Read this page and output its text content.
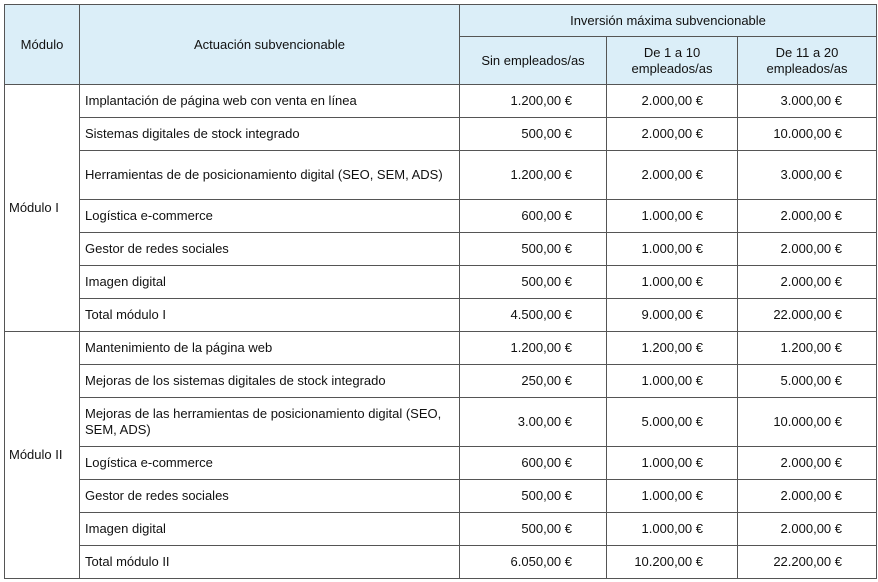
Módulo	Actuación subvencionable	Inversión máxima subvencionable		
		Sin empleados/as	De 1 a 10 empleados/as	De 11 a 20 empleados/as
Módulo I	Implantación de página web con venta en línea	1.200,00 €	2.000,00 €	3.000,00 €
	Sistemas digitales de stock integrado	500,00 €	2.000,00 €	10.000,00 €
	Herramientas de de posicionamiento digital (SEO, SEM, ADS)	1.200,00 €	2.000,00 €	3.000,00 €
	Logística e-commerce	600,00 €	1.000,00 €	2.000,00 €
	Gestor de redes sociales	500,00 €	1.000,00 €	2.000,00 €
	Imagen digital	500,00 €	1.000,00 €	2.000,00 €
	Total módulo I	4.500,00 €	9.000,00 €	22.000,00 €
Módulo II	Mantenimiento de la página web	1.200,00 €	1.200,00 €	1.200,00 €
	Mejoras de los sistemas digitales de stock integrado	250,00 €	1.000,00 €	5.000,00 €
	Mejoras de las herramientas de posicionamiento digital (SEO, SEM, ADS)	3.00,00 €	5.000,00 €	10.000,00 €
	Logística e-commerce	600,00 €	1.000,00 €	2.000,00 €
	Gestor de redes sociales	500,00 €	1.000,00 €	2.000,00 €
	Imagen digital	500,00 €	1.000,00 €	2.000,00 €
	Total módulo II	6.050,00 €	10.200,00 €	22.200,00 €
